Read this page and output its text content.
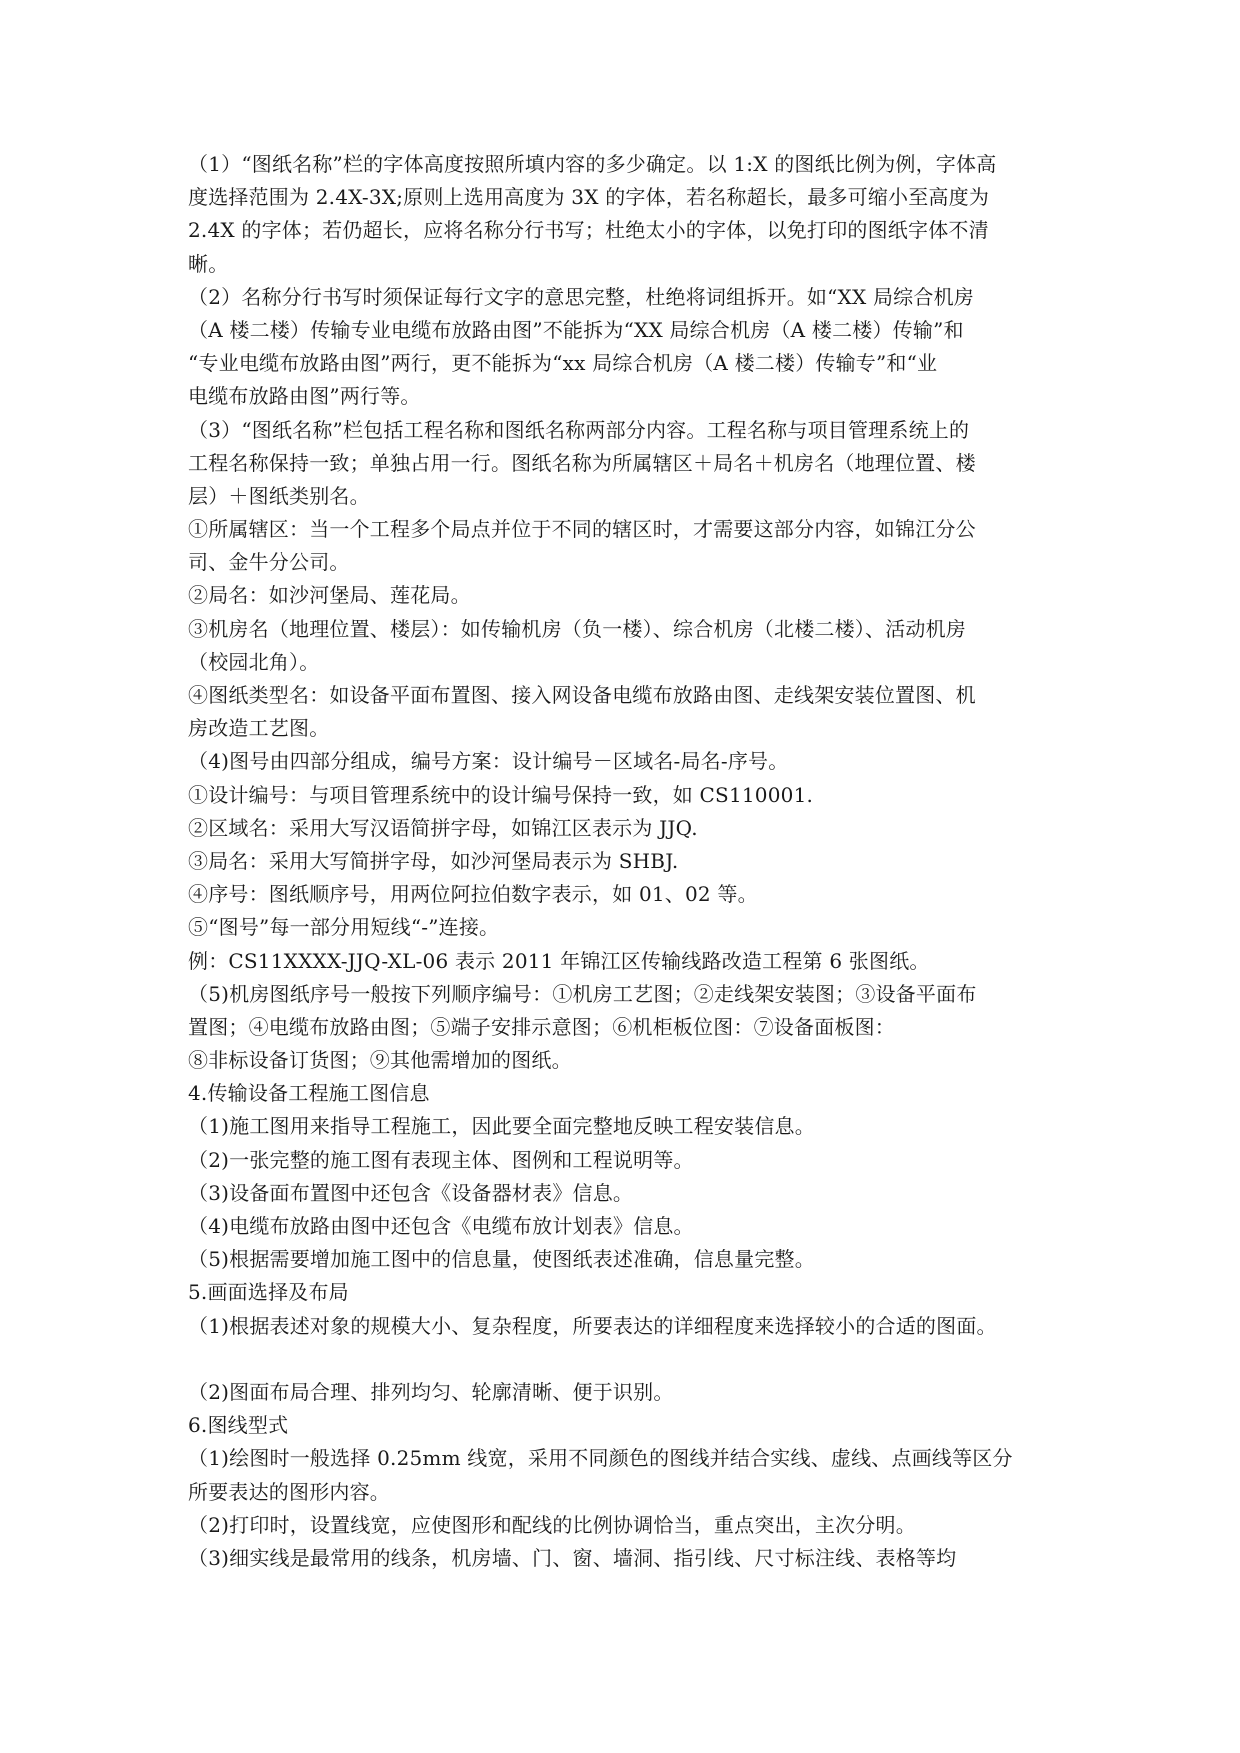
（1）“图纸名称”栏的字体高度按照所填内容的多少确定。以 1:X 的图纸比例为例，字体高
度选择范围为 2.4X-3X;原则上选用高度为 3X 的字体，若名称超长，最多可缩小至高度为
2.4X 的字体；若仍超长，应将名称分行书写；杜绝太小的字体，以免打印的图纸字体不清
晰。
（2）名称分行书写时须保证每行文字的意思完整，杜绝将词组拆开。如“XX 局综合机房
（A 楼二楼）传输专业电缆布放路由图”不能拆为“XX 局综合机房（A 楼二楼）传输”和
“专业电缆布放路由图”两行，更不能拆为“xx 局综合机房（A 楼二楼）传输专”和“业
电缆布放路由图”两行等。
（3）“图纸名称”栏包括工程名称和图纸名称两部分内容。工程名称与项目管理系统上的
工程名称保持一致；单独占用一行。图纸名称为所属辖区＋局名＋机房名（地理位置、楼
层）＋图纸类别名。
①所属辖区：当一个工程多个局点并位于不同的辖区时，才需要这部分内容，如锦江分公
司、金牛分公司。
②局名：如沙河堡局、莲花局。
③机房名（地理位置、楼层）：如传输机房（负一楼）、综合机房（北楼二楼）、活动机房
（校园北角）。
④图纸类型名：如设备平面布置图、接入网设备电缆布放路由图、走线架安装位置图、机
房改造工艺图。
（4)图号由四部分组成，编号方案：设计编号－区域名-局名-序号。
①设计编号：与项目管理系统中的设计编号保持一致，如 CS110001.
②区域名：采用大写汉语简拼字母，如锦江区表示为 JJQ.
③局名：采用大写简拼字母，如沙河堡局表示为 SHBJ.
④序号：图纸顺序号，用两位阿拉伯数字表示，如 01、02 等。
⑤“图号”每一部分用短线“-”连接。
例：CS11XXXX-JJQ-XL-06 表示 2011 年锦江区传输线路改造工程第 6 张图纸。
（5)机房图纸序号一般按下列顺序编号：①机房工艺图；②走线架安装图；③设备平面布
置图；④电缆布放路由图；⑤端子安排示意图；⑥机柜板位图：⑦设备面板图：
⑧非标设备订货图；⑨其他需增加的图纸。
4.传输设备工程施工图信息
（1)施工图用来指导工程施工，因此要全面完整地反映工程安装信息。
（2)一张完整的施工图有表现主体、图例和工程说明等。
（3)设备面布置图中还包含《设备器材表》信息。
（4)电缆布放路由图中还包含《电缆布放计划表》信息。
（5)根据需要增加施工图中的信息量，使图纸表述准确，信息量完整。
5.画面选择及布局
（1)根据表述对象的规模大小、复杂程度，所要表达的详细程度来选择较小的合适的图面。
（2)图面布局合理、排列均匀、轮廓清晰、便于识别。
6.图线型式
（1)绘图时一般选择 0.25mm 线宽，采用不同颜色的图线并结合实线、虚线、点画线等区分
所要表达的图形内容。
（2)打印时，设置线宽，应使图形和配线的比例协调恰当，重点突出，主次分明。
（3)细实线是最常用的线条，机房墙、门、窗、墙洞、指引线、尺寸标注线、表格等均
